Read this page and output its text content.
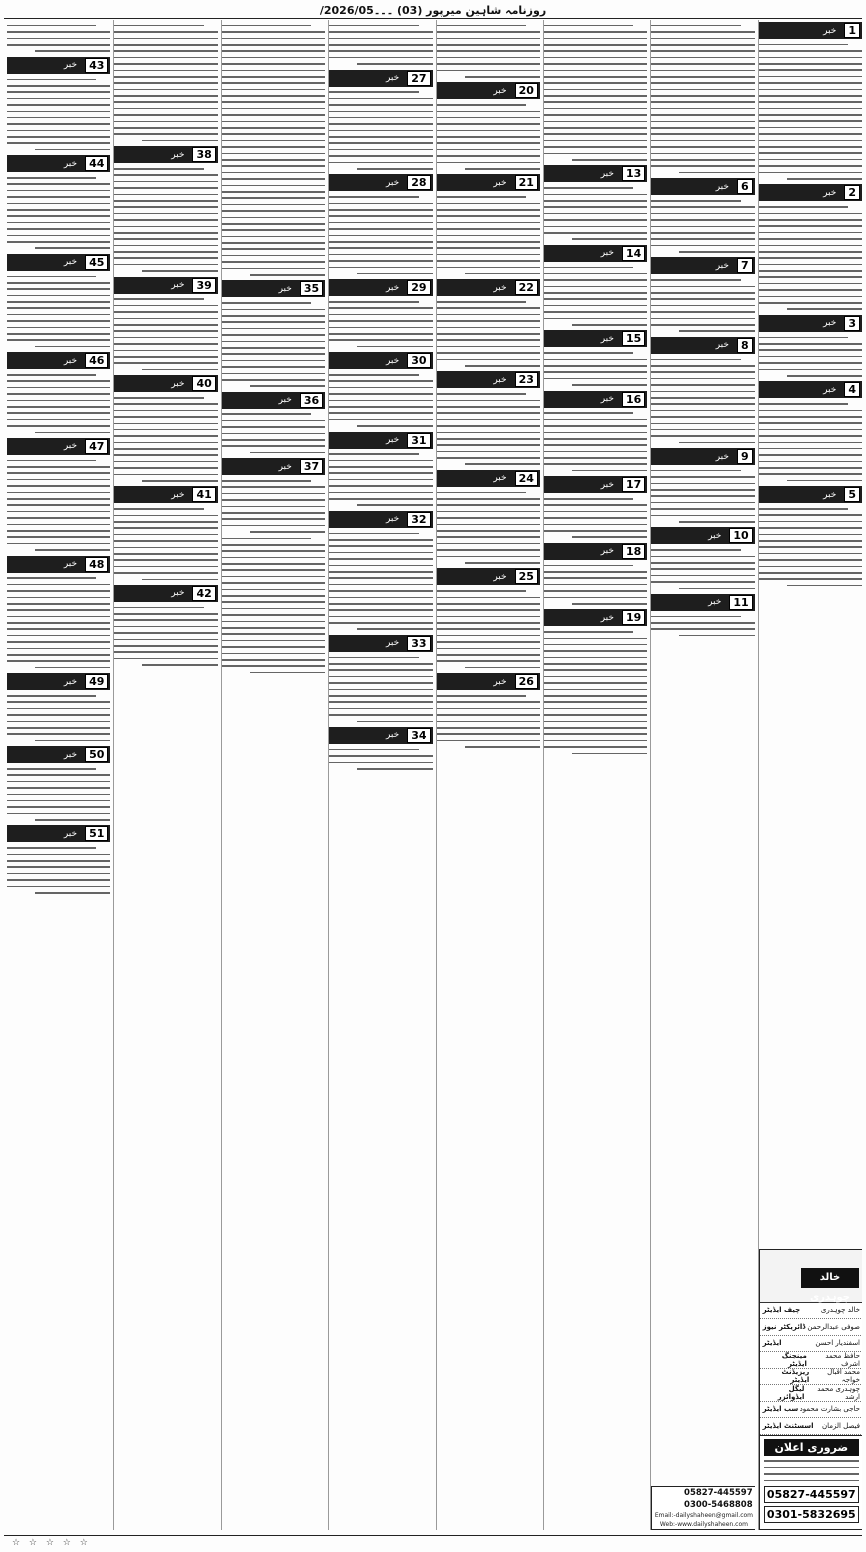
روزنامہ شاہین میرپور (03) ۔۔۔2026/05/
1
خبر
2
خبر
3
خبر
4
خبر
5
خبر
خالد چوہدری
چیف ایڈیٹر	خالد چوہدری
ڈائریکٹر نیوز صوفی عبدالرحمن
ایڈیٹر	اسفندیار احسن
مینجنگ ایڈیٹر
حافظ محمد اشرف
ریزیڈنٹ ایڈیٹر
محمد اقبال خواجہ
لیگل ایڈوائزر
چوہدری محمد ارشد
سب ایڈیٹر حاجی بشارت محمود
اسسٹنٹ ایڈیٹر فیصل الزمان
ضروری اعلان
05827-445597
0301-5832695
6
خبر
7
خبر
8
خبر
9
خبر
10
خبر
11
خبر
05827-445597
0300-5468808
Email:-dailyshaheen@gmail.com
Web:-www.dailyshaheen.com
13
خبر
14
خبر
15
خبر
16
خبر
17
خبر
18
خبر
19
خبر
20
خبر
21
خبر
22
خبر
23
خبر
24
خبر
25
خبر
26
خبر
27
خبر
28
خبر
29
خبر
30
خبر
31
خبر
32
خبر
33
خبر
34
خبر
35
خبر
36
خبر
37
خبر
38
خبر
39
خبر
40
خبر
41
خبر
42
خبر
43
خبر
44
خبر
45
خبر
46
خبر
47
خبر
48
خبر
49
خبر
50
خبر
51
خبر
☆ ☆ ☆ ☆ ☆
